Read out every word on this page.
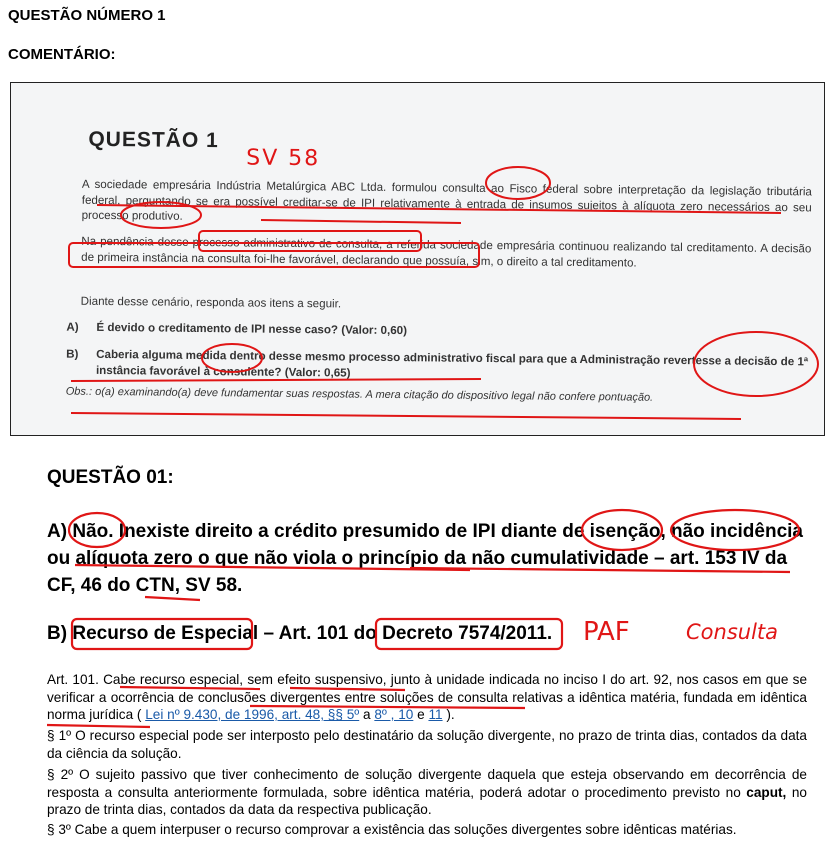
QUESTÃO NÚMERO 1
COMENTÁRIO:
QUESTÃO 1
SV 58
A sociedade empresária Indústria Metalúrgica ABC Ltda. formulou consulta ao Fisco federal sobre interpretação da legislação tributária federal, perguntando se era possível creditar-se de IPI relativamente à entrada de insumos sujeitos à alíquota zero necessários ao seu processo produtivo.
Na pendência desse processo administrativo de consulta, a referida sociedade empresária continuou realizando tal creditamento. A decisão de primeira instância na consulta foi-lhe favorável, declarando que possuía, sim, o direito a tal creditamento.
Diante desse cenário, responda aos itens a seguir.
A)	É devido o creditamento de IPI nesse caso? (Valor: 0,60)
B)	Caberia alguma medida dentro desse mesmo processo administrativo fiscal para que a Administração revertesse a decisão de 1ª instância favorável à consulente? (Valor: 0,65)
Obs.: o(a) examinando(a) deve fundamentar suas respostas. A mera citação do dispositivo legal não confere pontuação.
QUESTÃO 01:
A) Não. Inexiste direito a crédito presumido de IPI diante de isenção, não incidência ou alíquota zero o que não viola o princípio da não cumulatividade – art. 153 IV da CF, 46 do CTN, SV 58.
B) Recurso de Especial – Art. 101 do Decreto 7574/2011. PAF	Consulta
Art. 101. Cabe recurso especial, sem efeito suspensivo, junto à unidade indicada no inciso I do art. 92, nos casos em que se verificar a ocorrência de conclusões divergentes entre soluções de consulta relativas a idêntica matéria, fundada em idêntica norma jurídica ( Lei nº 9.430, de 1996, art. 48, §§ 5º a 8º , 10 e 11 ).
§ 1º O recurso especial pode ser interposto pelo destinatário da solução divergente, no prazo de trinta dias, contados da data da ciência da solução.
§ 2º O sujeito passivo que tiver conhecimento de solução divergente daquela que esteja observando em decorrência de resposta a consulta anteriormente formulada, sobre idêntica matéria, poderá adotar o procedimento previsto no caput, no prazo de trinta dias, contados da data da respectiva publicação.
§ 3º Cabe a quem interpuser o recurso comprovar a existência das soluções divergentes sobre idênticas matérias.
